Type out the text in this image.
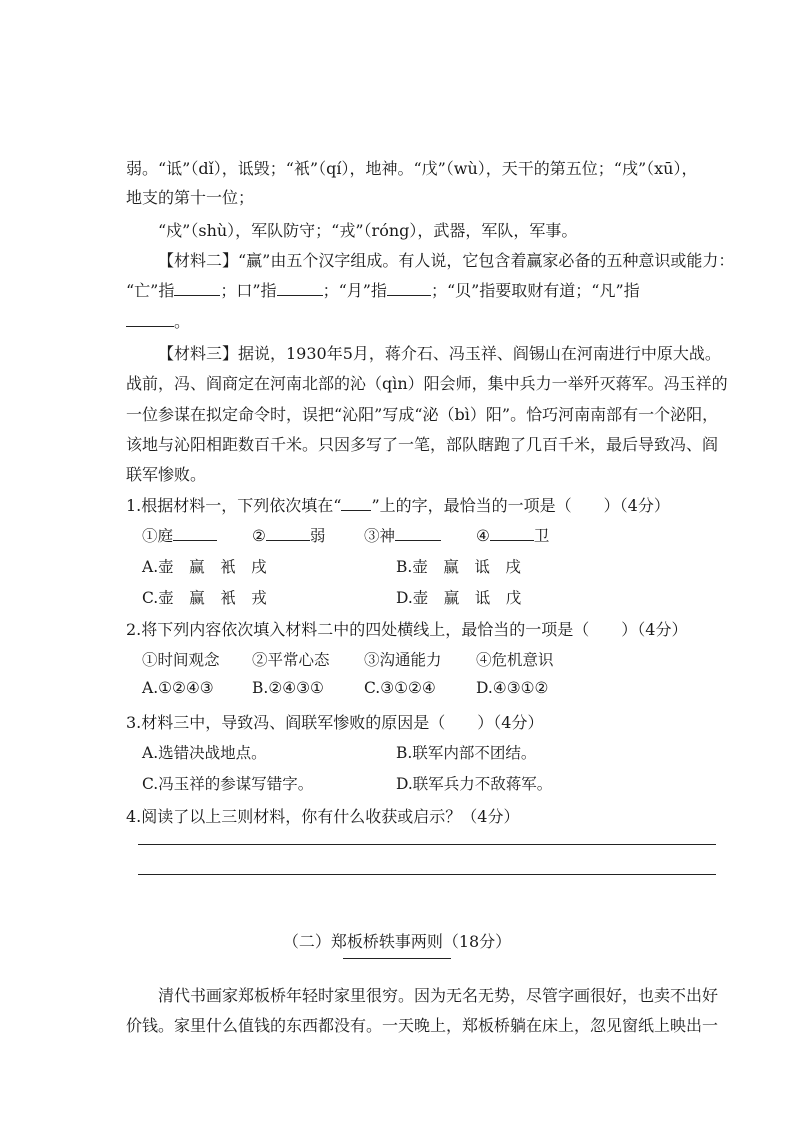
弱。“诋”（dǐ），诋毁；“衹”（qí），地神。“戊”（wù），天干的第五位；“戌”（xū），
地支的第十一位；
“戍”（shù），军队防守；“戎”（róng），武器，军队，军事。
【材料二】“赢”由五个汉字组成。有人说，它包含着赢家必备的五种意识或能力：
“亡”指	；口”指	；“月”指	；“贝”指要取财有道；“凡”指
。
【材料三】据说，1930年5月，蒋介石、冯玉祥、阎锡山在河南进行中原大战。
战前，冯、阎商定在河南北部的沁（qìn）阳会师，集中兵力一举歼灭蒋军。冯玉祥的
一位参谋在拟定命令时，误把“沁阳”写成“泌（bì）阳”。恰巧河南南部有一个泌阳，
该地与沁阳相距数百千米。只因多写了一笔，部队瞎跑了几百千米，最后导致冯、阎
联军惨败。
1.根据材料一，下列依次填在“ ”上的字，最恰当的一项是（　　）（4分）
①庭	②	弱 ③神	④	卫
A.壶　赢　衹　戌	B.壶　赢　诋　戌
C.壶　赢　衹　戎	D.壶　赢　诋　戊
2.将下列内容依次填入材料二中的四处横线上，最恰当的一项是（　　）（4分）
①时间观念 ②平常心态 ③沟通能力 ④危机意识
A.①②④③ B.②④③①	C.③①②④	D.④③①②
3.材料三中，导致冯、阎联军惨败的原因是（　　）（4分）
A.选错决战地点。	B.联军内部不团结。
C.冯玉祥的参谋写错字。	D.联军兵力不敌蒋军。
4.阅读了以上三则材料，你有什么收获或启示？（4分）
（二）郑板桥轶事两则（18分）
清代书画家郑板桥年轻时家里很穷。因为无名无势，尽管字画很好，也卖不出好
价钱。家里什么值钱的东西都没有。一天晚上，郑板桥躺在床上，忽见窗纸上映出一
